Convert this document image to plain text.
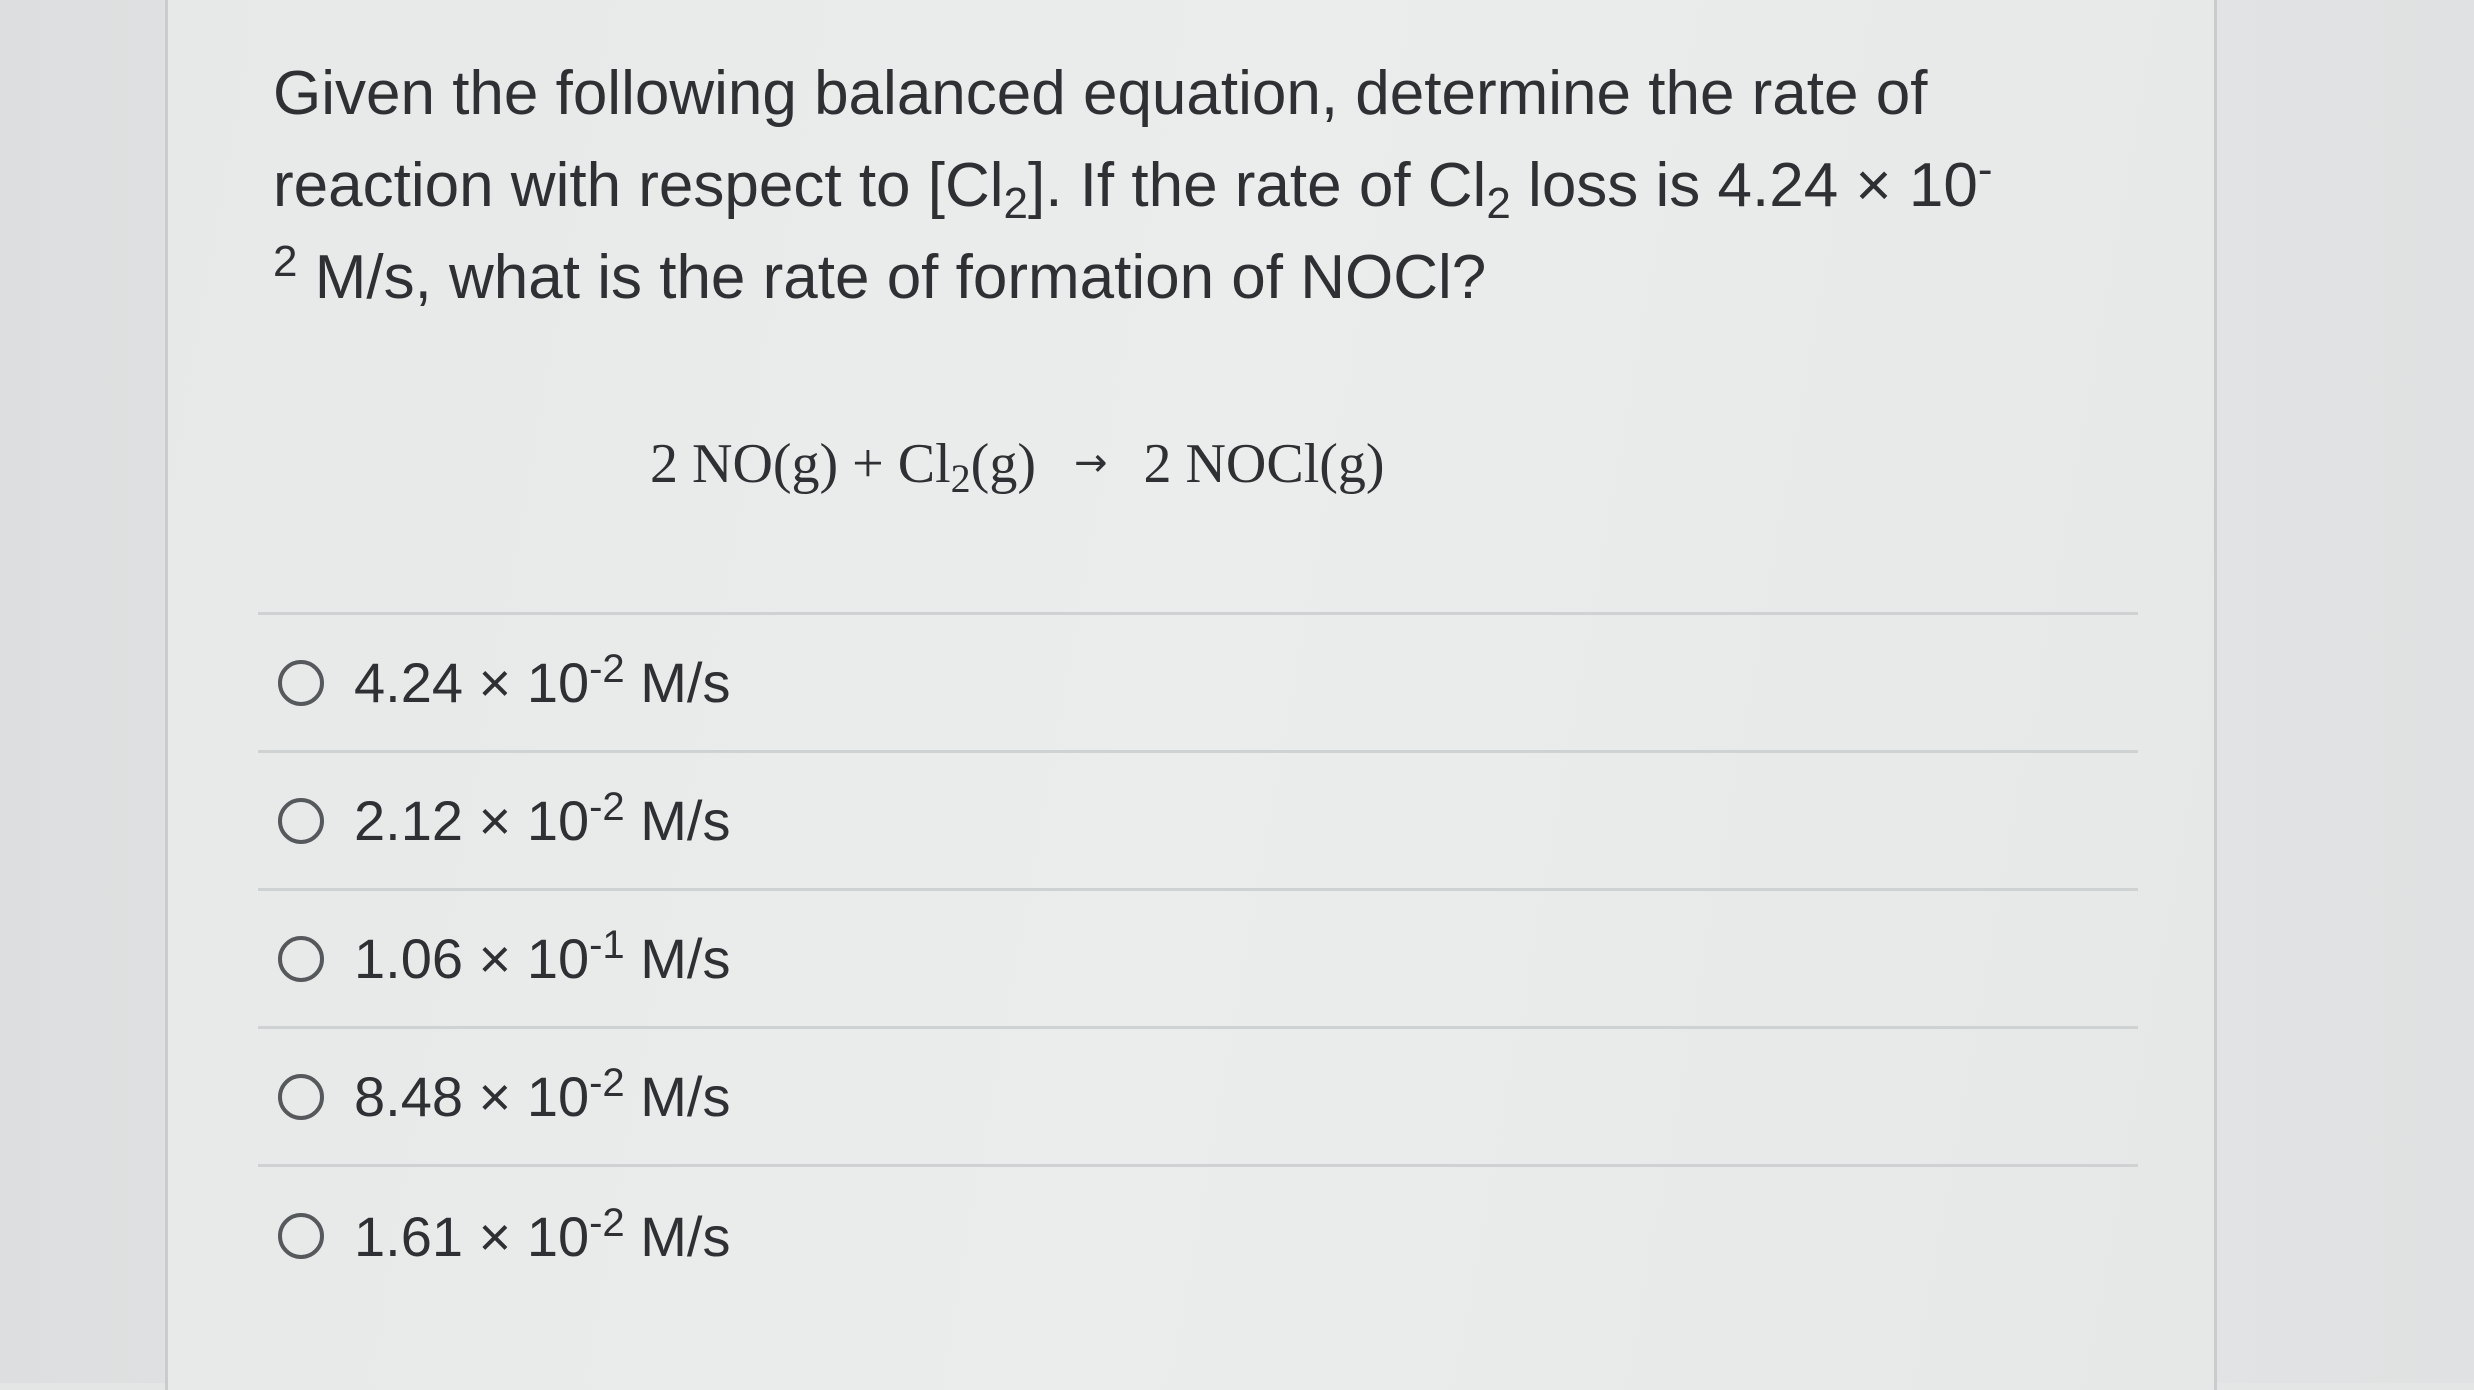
Given the following balanced equation, determine the rate of
reaction with respect to $[Cl_2]$. If the rate of $Cl_2$ loss is 4.24 × 10-
$^2$ M/s, what is the rate of formation of NOCl?

2 $NO(g) + Cl_2(g) \to 2$ NOCl(g)
$4.24 \times 10^{-2}$ M/s
$2.12 \times 10^{-2}$ M/s
$1.06 \times 10^{-1}$ M/s
$8.48 \times 10^{-2}$ M/s
$1.61 \times 10^{-2}$ M/s
